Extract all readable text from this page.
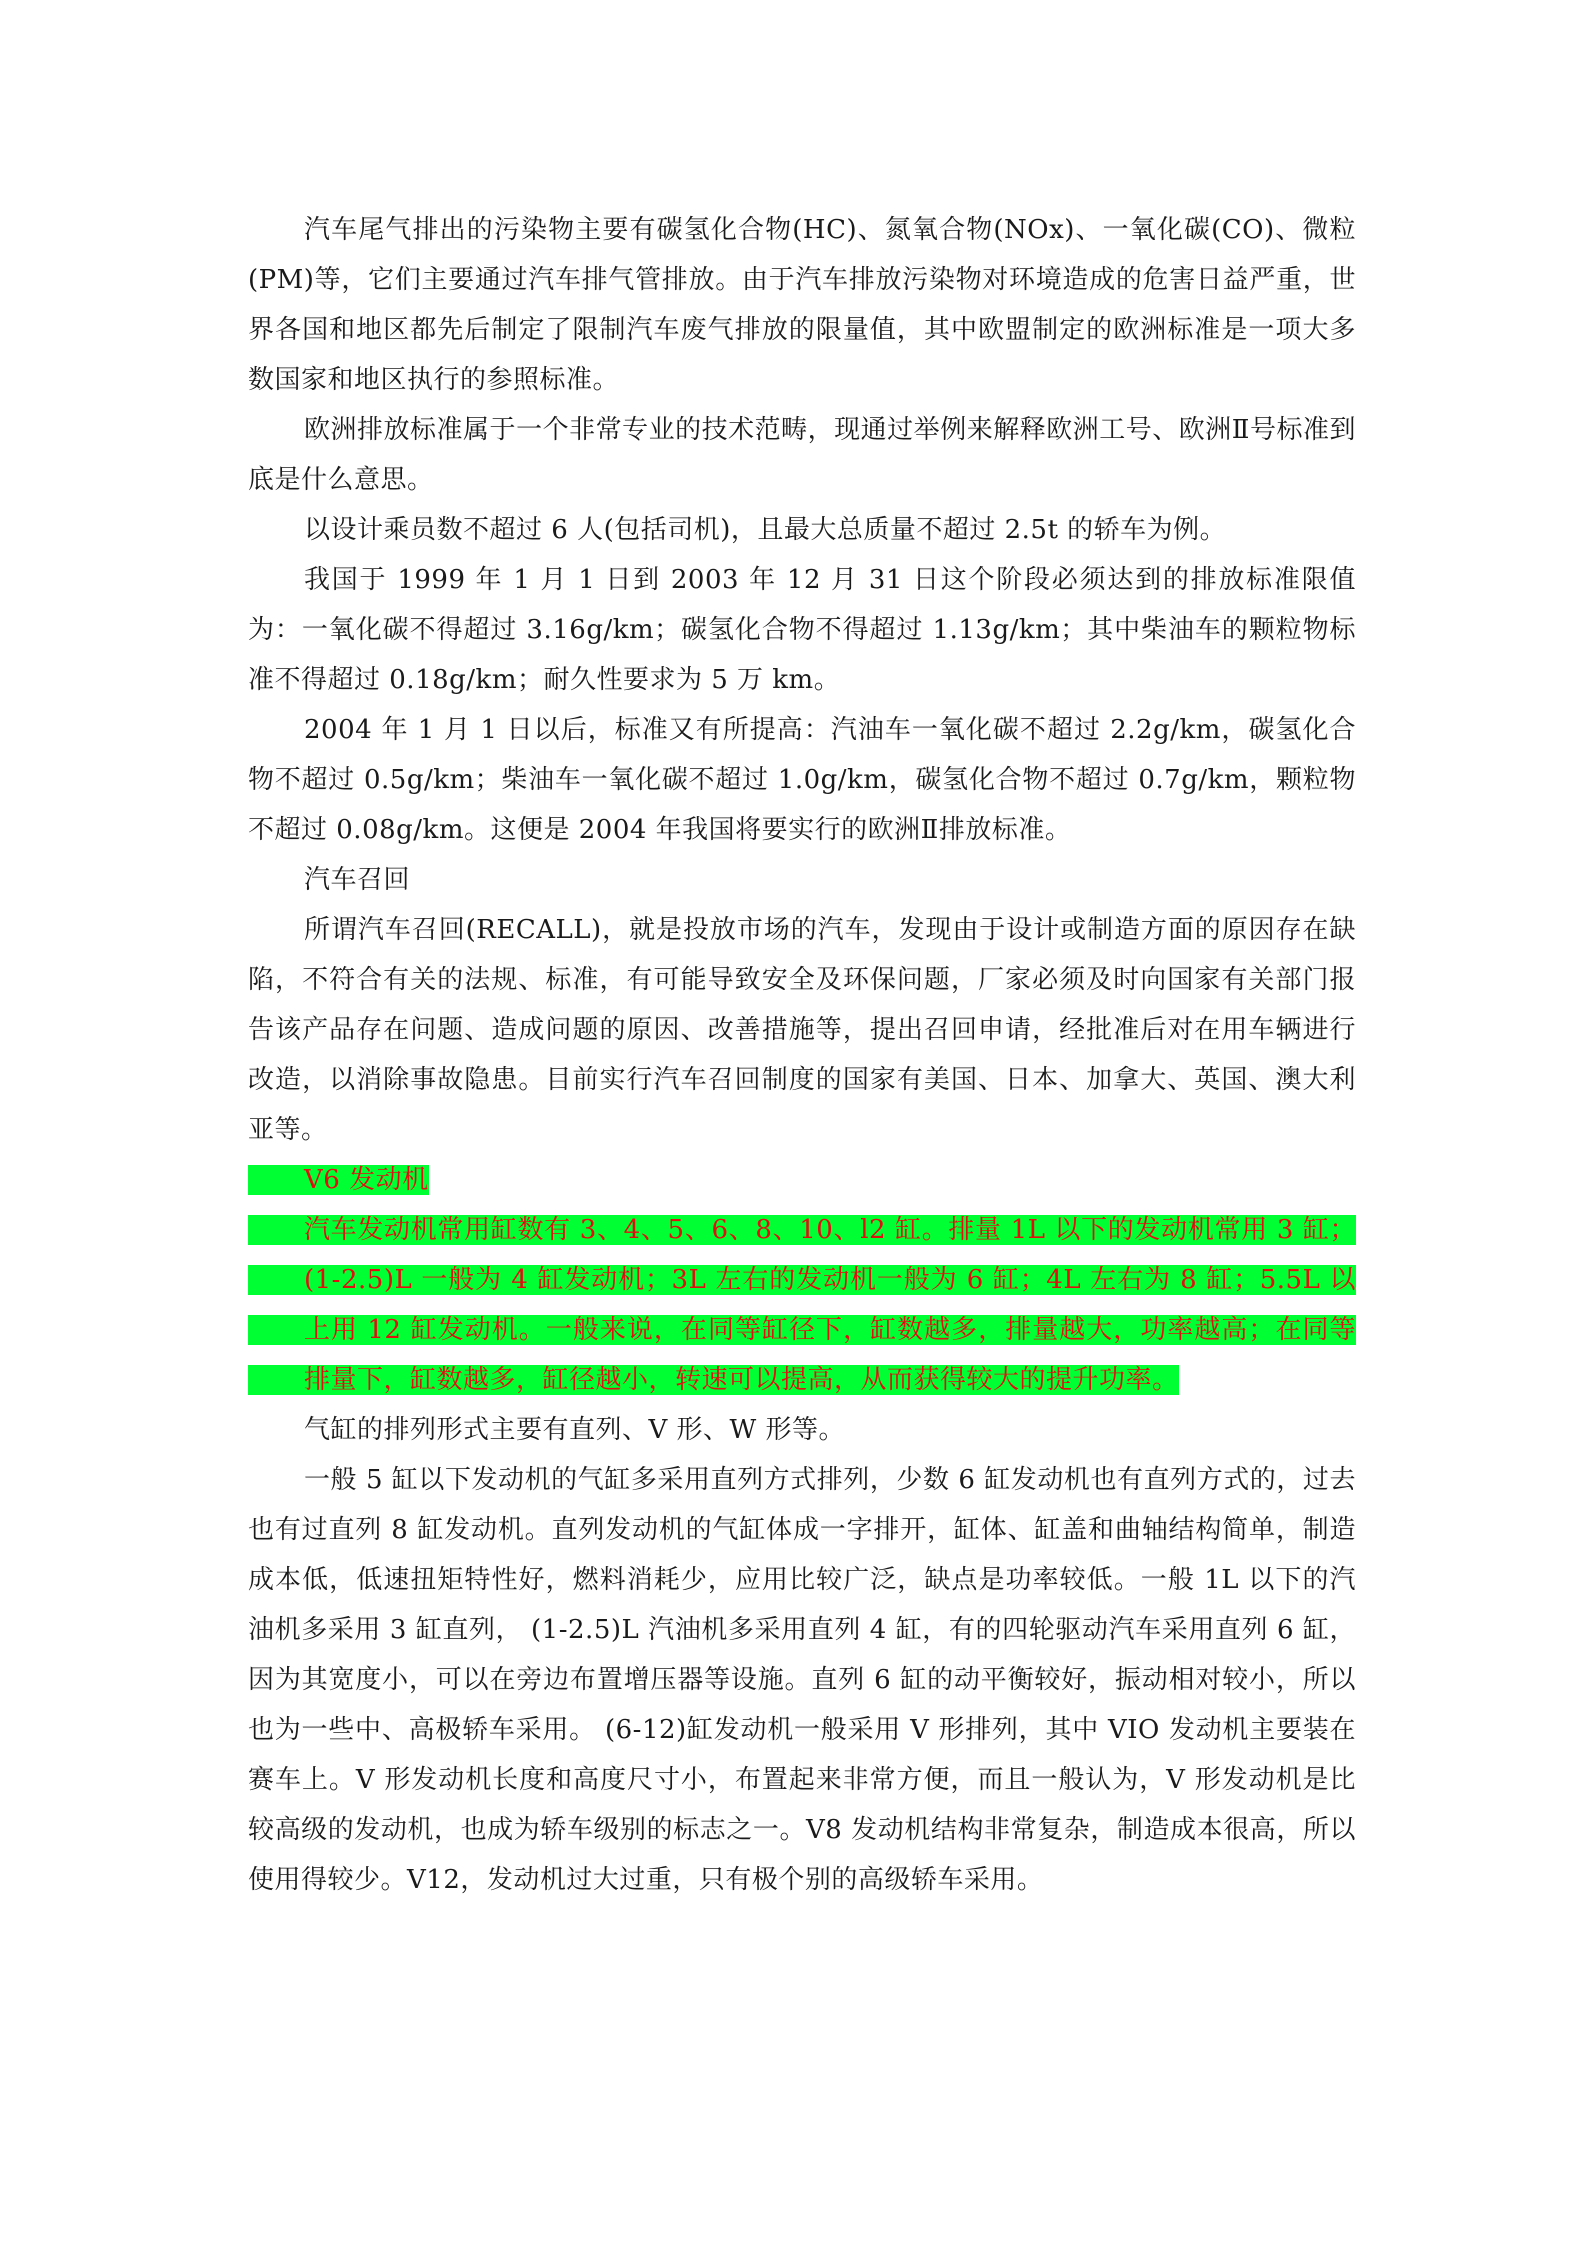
汽车尾气排出的污染物主要有碳氢化合物(HC)、氮氧合物(NOx)、一氧化碳(CO)、微粒(PM)等，它们主要通过汽车排气管排放。由于汽车排放污染物对环境造成的危害日益严重，世界各国和地区都先后制定了限制汽车废气排放的限量值，其中欧盟制定的欧洲标准是一项大多数国家和地区执行的参照标准。

欧洲排放标准属于一个非常专业的技术范畴，现通过举例来解释欧洲工号、欧洲Ⅱ号标准到底是什么意思。

以设计乘员数不超过 6 人(包括司机)，且最大总质量不超过 2.5t 的轿车为例。

我国于 1999 年 1 月 1 日到 2003 年 12 月 31 日这个阶段必须达到的排放标准限值为：一氧化碳不得超过 3.16g/km；碳氢化合物不得超过 1.13g/km；其中柴油车的颗粒物标准不得超过 0.18g/km；耐久性要求为 5 万 km。

2004 年 1 月 1 日以后，标准又有所提高：汽油车一氧化碳不超过 2.2g/km，碳氢化合物不超过 0.5g/km；柴油车一氧化碳不超过 1.0g/km，碳氢化合物不超过 0.7g/km，颗粒物不超过 0.08g/km。这便是 2004 年我国将要实行的欧洲Ⅱ排放标准。

汽车召回

所谓汽车召回(RECALL)，就是投放市场的汽车，发现由于设计或制造方面的原因存在缺陷，不符合有关的法规、标准，有可能导致安全及环保问题，厂家必须及时向国家有关部门报告该产品存在问题、造成问题的原因、改善措施等，提出召回申请，经批准后对在用车辆进行改造，以消除事故隐患。目前实行汽车召回制度的国家有美国、日本、加拿大、英国、澳大利亚等。

V6 发动机

汽车发动机常用缸数有 3、4、5、6、8、10、l2 缸。排量 1L 以下的发动机常用 3 缸；(1-2.5)L 一般为 4 缸发动机；3L 左右的发动机一般为 6 缸；4L 左右为 8 缸；5.5L 以上用 12 缸发动机。一般来说，在同等缸径下，缸数越多，排量越大，功率越高；在同等排量下，缸数越多，缸径越小，转速可以提高，从而获得较大的提升功率。

气缸的排列形式主要有直列、V 形、W 形等。

一般 5 缸以下发动机的气缸多采用直列方式排列，少数 6 缸发动机也有直列方式的，过去也有过直列 8 缸发动机。直列发动机的气缸体成一字排开，缸体、缸盖和曲轴结构简单，制造成本低，低速扭矩特性好，燃料消耗少，应用比较广泛，缺点是功率较低。一般 1L 以下的汽油机多采用 3 缸直列， (1-2.5)L 汽油机多采用直列 4 缸，有的四轮驱动汽车采用直列 6 缸，因为其宽度小，可以在旁边布置增压器等设施。直列 6 缸的动平衡较好，振动相对较小，所以也为一些中、高极轿车采用。 (6-12)缸发动机一般采用 V 形排列，其中 VIO 发动机主要装在赛车上。V 形发动机长度和高度尺寸小，布置起来非常方便，而且一般认为，V 形发动机是比较高级的发动机，也成为轿车级别的标志之一。V8 发动机结构非常复杂，制造成本很高，所以使用得较少。V12，发动机过大过重，只有极个别的高级轿车采用。
